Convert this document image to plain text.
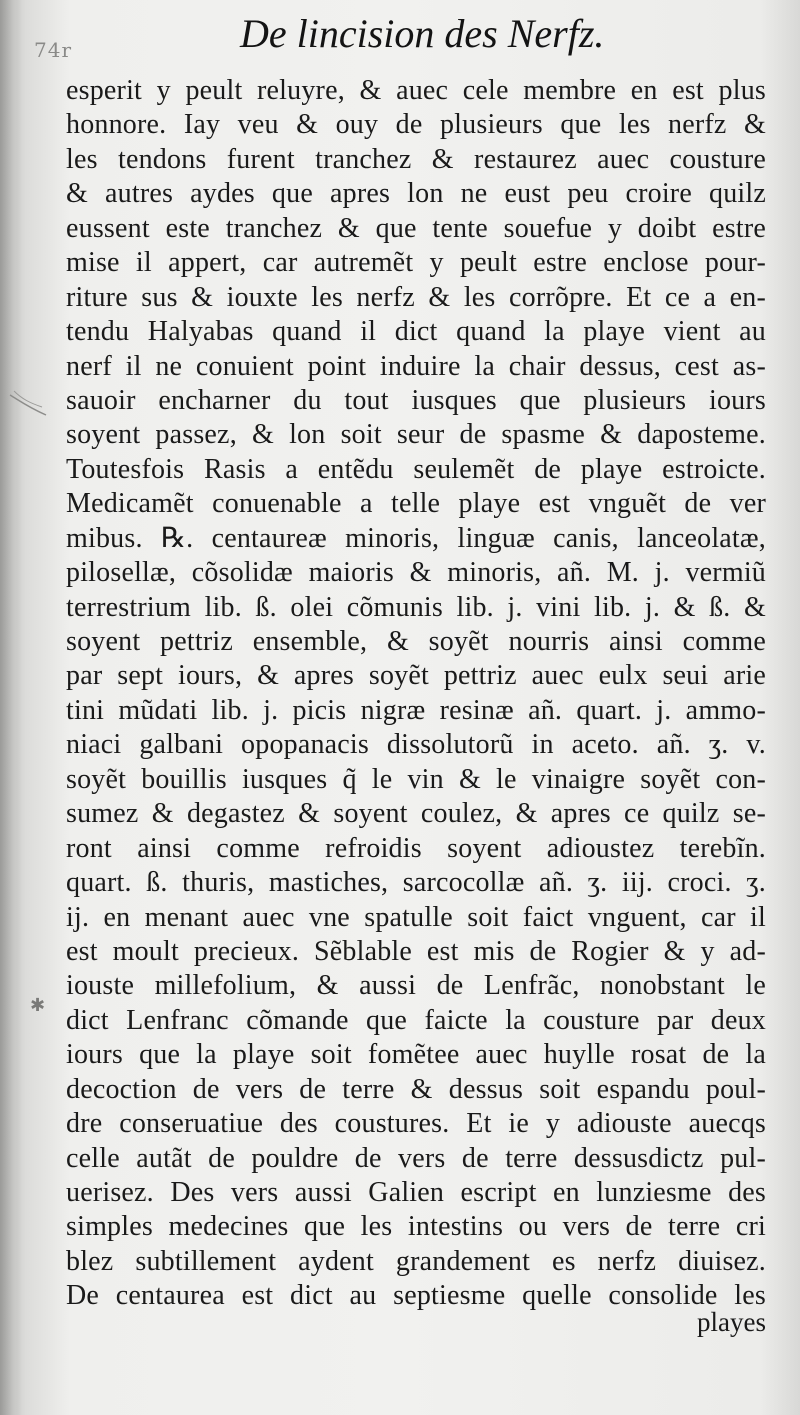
74r	De lincision des Nerfz.
✱
esperit y peult reluyre, & auec cele membre en est plus
honnore. Iay veu & ouy de plusieurs que les nerfz &
les tendons furent tranchez & restaurez auec cousture
& autres aydes que apres lon ne eust peu croire quilz
eussent este tranchez & que tente souefue y doibt estre
mise il appert, car autremẽt y peult estre enclose pour-
riture sus & iouxte les nerfz & les corrõpre. Et ce a en-
tendu Halyabas quand il dict quand la playe vient au
nerf il ne conuient point induire la chair dessus, cest as-
sauoir encharner du tout iusques que plusieurs iours
soyent passez, & lon soit seur de spasme & daposteme.
Toutesfois Rasis a entẽdu seulemẽt de playe estroicte.
Medicamẽt conuenable a telle playe est vnguẽt de ver
mibus. ℞. centaureæ minoris, linguæ canis, lanceolatæ,
pilosellæ, cõsolidæ maioris & minoris, añ. M. j. vermiũ
terrestrium lib. ß. olei cõmunis lib. j. vini lib. j. & ß. &
soyent pettriz ensemble, & soyẽt nourris ainsi comme
par sept iours, & apres soyẽt pettriz auec eulx seui arie
tini mũdati lib. j. picis nigræ resinæ añ. quart. j. ammo-
niaci galbani opopanacis dissolutorũ in aceto. añ. ʒ. v.
soyẽt bouillis iusques q̃ le vin & le vinaigre soyẽt con-
sumez & degastez & soyent coulez, & apres ce quilz se-
ront ainsi comme refroidis soyent adioustez terebĩn.
quart. ß. thuris, mastiches, sarcocollæ añ. ʒ. iij. croci. ʒ.
ij. en menant auec vne spatulle soit faict vnguent, car il
est moult precieux. Sẽblable est mis de Rogier & y ad-
iouste millefolium, & aussi de Lenfrãc, nonobstant le
dict Lenfranc cõmande que faicte la cousture par deux
iours que la playe soit fomẽtee auec huylle rosat de la
decoction de vers de terre & dessus soit espandu poul-
dre conseruatiue des coustures. Et ie y adiouste auecqs
celle autãt de pouldre de vers de terre dessusdictz pul-
uerisez. Des vers aussi Galien escript en lunziesme des
simples medecines que les intestins ou vers de terre cri
blez subtillement aydent grandement es nerfz diuisez.
De centaurea est dict au septiesme quelle consolide les
playes
